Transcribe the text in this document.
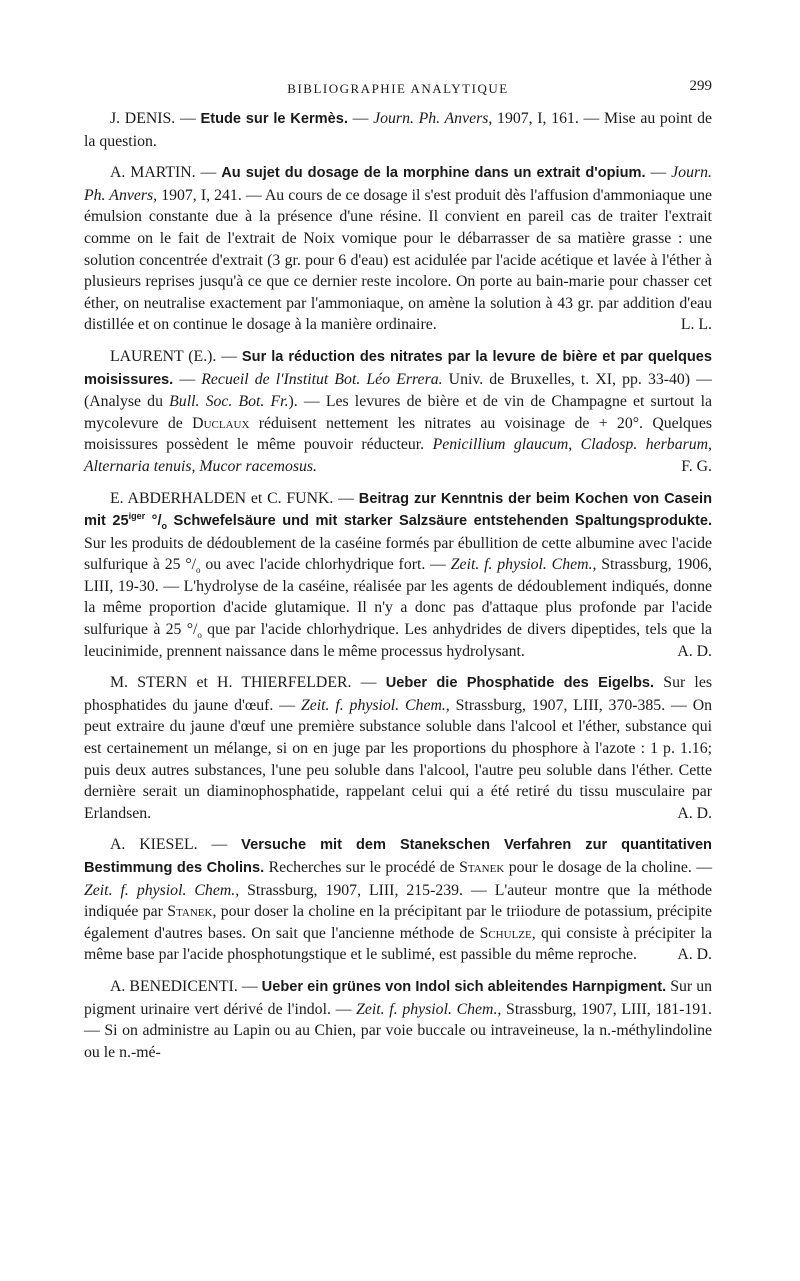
BIBLIOGRAPHIE ANALYTIQUE	299

J. DENIS. — Etude sur le Kermès. — Journ. Ph. Anvers, 1907, I, 161. — Mise au point de la question.

A. MARTIN. — Au sujet du dosage de la morphine dans un extrait d'opium. — Journ. Ph. Anvers, 1907, I, 241. — Au cours de ce dosage il s'est produit dès l'affusion d'ammoniaque une émulsion constante due à la présence d'une résine. Il convient en pareil cas de traiter l'extrait comme on le fait de l'extrait de Noix vomique pour le débarrasser de sa matière grasse : une solution concentrée d'extrait (3 gr. pour 6 d'eau) est acidulée par l'acide acétique et lavée à l'éther à plusieurs reprises jusqu'à ce que ce dernier reste incolore. On porte au bain-marie pour chasser cet éther, on neutralise exactement par l'ammoniaque, on amène la solution à 43 gr. par addition d'eau distillée et on continue le dosage à la manière ordinaire.	L. L.

LAURENT (E.). — Sur la réduction des nitrates par la levure de bière et par quelques moisissures. — Recueil de l'Institut Bot. Léo Errera. Univ. de Bruxelles, t. XI, pp. 33-40) — (Analyse du Bull. Soc. Bot. Fr.). — Les levures de bière et de vin de Champagne et surtout la mycolevure de Duclaux réduisent nettement les nitrates au voisinage de + 20°. Quelques moisissures possèdent le même pouvoir réducteur. Penicillium glaucum, Cladosp. herbarum, Alternaria tenuis, Mucor racemosus.	F. G.

E. ABDERHALDEN et C. FUNK. — Beitrag zur Kenntnis der beim Kochen von Casein mit $25^{iger}$ $^\circ/_o$ Schwefelsäure und mit starker Salzsäure entstehenden Spaltungsprodukte. Sur les produits de dédoublement de la caséine formés par ébullition de cette albumine avec l'acide sulfurique à 25 $^\circ/_o$ ou avec l'acide chlorhydrique fort. — Zeit. f. physiol. Chem., Strassburg, 1906, LIII, 19-30. — L'hydrolyse de la caséine, réalisée par les agents de dédoublement indiqués, donne la même proportion d'acide glutamique. Il n'y a donc pas d'attaque plus profonde par l'acide sulfurique à 25 $^\circ/_o$ que par l'acide chlorhydrique. Les anhydrides de divers dipeptides, tels que la leucinimide, prennent naissance dans le même processus hydrolysant.	A. D.

M. STERN et H. THIERFELDER. — Ueber die Phosphatide des Eigelbs. Sur les phosphatides du jaune d'œuf. — Zeit. f. physiol. Chem., Strassburg, 1907, LIII, 370-385. — On peut extraire du jaune d'œuf une première substance soluble dans l'alcool et l'éther, substance qui est certainement un mélange, si on en juge par les proportions du phosphore à l'azote : 1 p. 1.16; puis deux autres substances, l'une peu soluble dans l'alcool, l'autre peu soluble dans l'éther. Cette dernière serait un diaminophosphatide, rappelant celui qui a été retiré du tissu musculaire par Erlandsen.	A. D.

A. KIESEL. — Versuche mit dem Stanekschen Verfahren zur quantitativen Bestimmung des Cholins. Recherches sur le procédé de Stanek pour le dosage de la choline. — Zeit. f. physiol. Chem., Strassburg, 1907, LIII, 215-239. — L'auteur montre que la méthode indiquée par Stanek, pour doser la choline en la précipitant par le triiodure de potassium, précipite également d'autres bases. On sait que l'ancienne méthode de Schulze, qui consiste à précipiter la même base par l'acide phosphotungstique et le sublimé, est passible du même reproche.	A. D.

A. BENEDICENTI. — Ueber ein grünes von Indol sich ableitendes Harnpigment. Sur un pigment urinaire vert dérivé de l'indol. — Zeit. f. physiol. Chem., Strassburg, 1907, LIII, 181-191. — Si on administre au Lapin ou au Chien, par voie buccale ou intraveineuse, la n.-méthylindoline ou le n.-mé-
